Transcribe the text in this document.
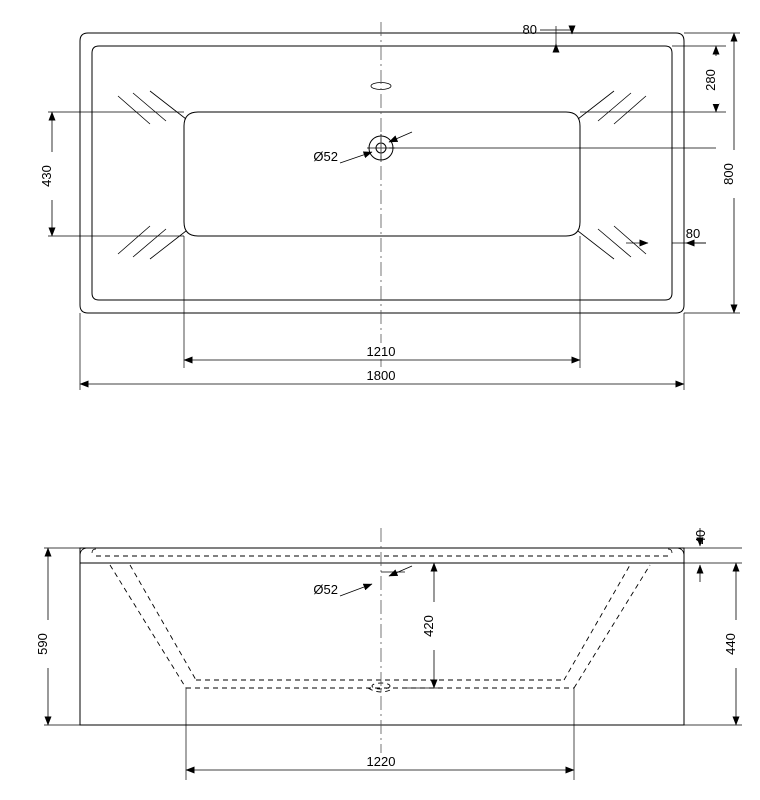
1800
1210
800
280
430
80
80
Ø52
590	440
40
420
1220
Ø52
